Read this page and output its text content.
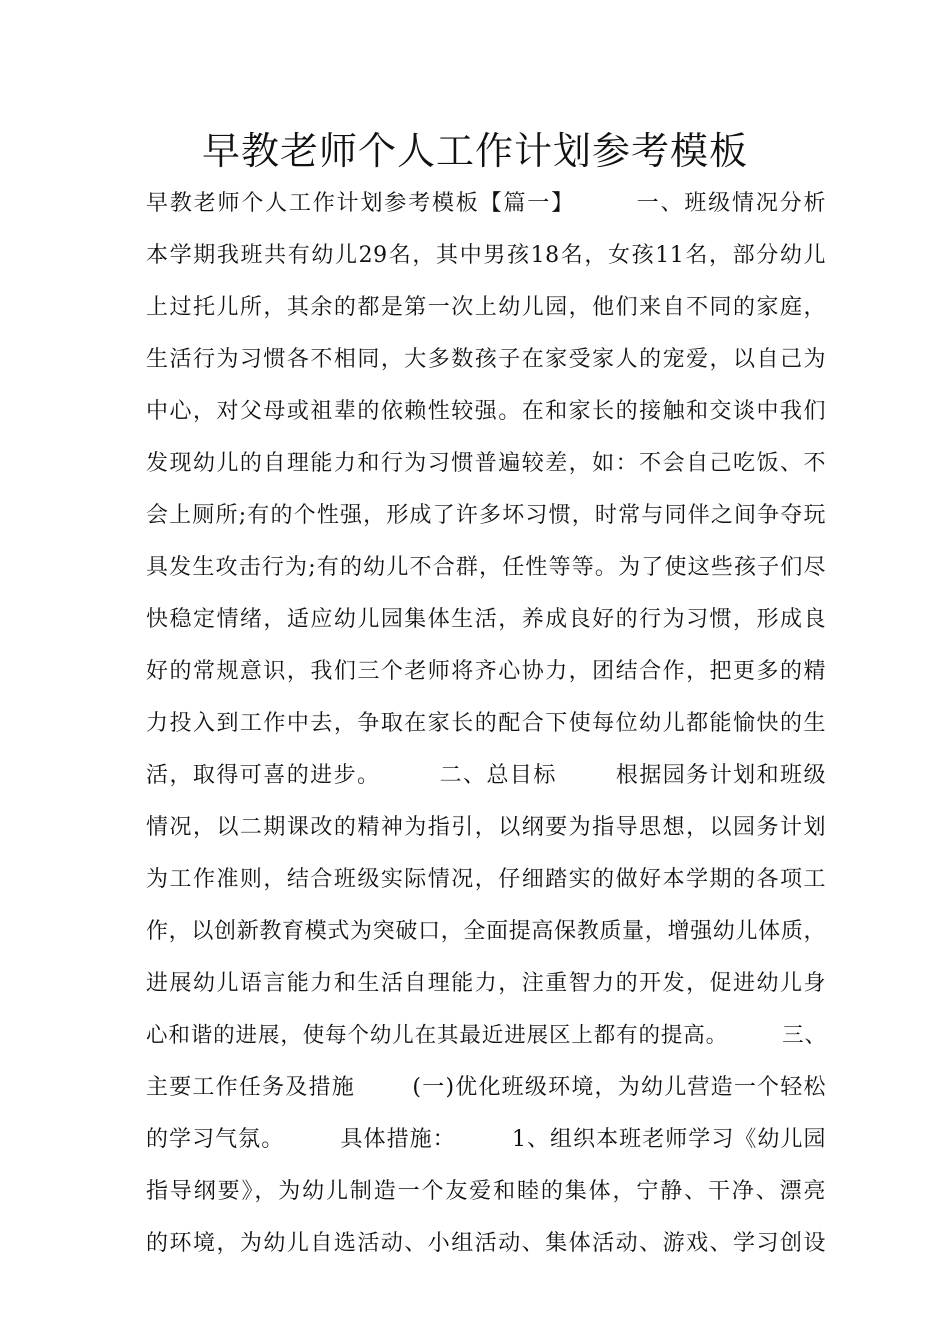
早教老师个人工作计划参考模板
早教老师个人工作计划参考模板【篇一】       一、班级情况分析
本学期我班共有幼儿29名，其中男孩18名，女孩11名，部分幼儿
上过托儿所，其余的都是第一次上幼儿园，他们来自不同的家庭，
生活行为习惯各不相同，大多数孩子在家受家人的宠爱，以自己为
中心，对父母或祖辈的依赖性较强。在和家长的接触和交谈中我们
发现幼儿的自理能力和行为习惯普遍较差，如：不会自己吃饭、不
会上厕所;有的个性强，形成了许多坏习惯，时常与同伴之间争夺玩
具发生攻击行为;有的幼儿不合群，任性等等。为了使这些孩子们尽
快稳定情绪，适应幼儿园集体生活，养成良好的行为习惯，形成良
好的常规意识，我们三个老师将齐心协力，团结合作，把更多的精
力投入到工作中去，争取在家长的配合下使每位幼儿都能愉快的生
活，取得可喜的进步。       二、总目标       根据园务计划和班级
情况，以二期课改的精神为指引，以纲要为指导思想，以园务计划
为工作准则，结合班级实际情况，仔细踏实的做好本学期的各项工
作，以创新教育模式为突破口，全面提高保教质量，增强幼儿体质，
进展幼儿语言能力和生活自理能力，注重智力的开发，促进幼儿身
心和谐的进展，使每个幼儿在其最近进展区上都有的提高。       三、
主要工作任务及措施       (一)优化班级环境，为幼儿营造一个轻松
的学习气氛。       具体措施：       1、组织本班老师学习《幼儿园
指导纲要》，为幼儿制造一个友爱和睦的集体，宁静、干净、漂亮
的环境，为幼儿自选活动、小组活动、集体活动、游戏、学习创设
